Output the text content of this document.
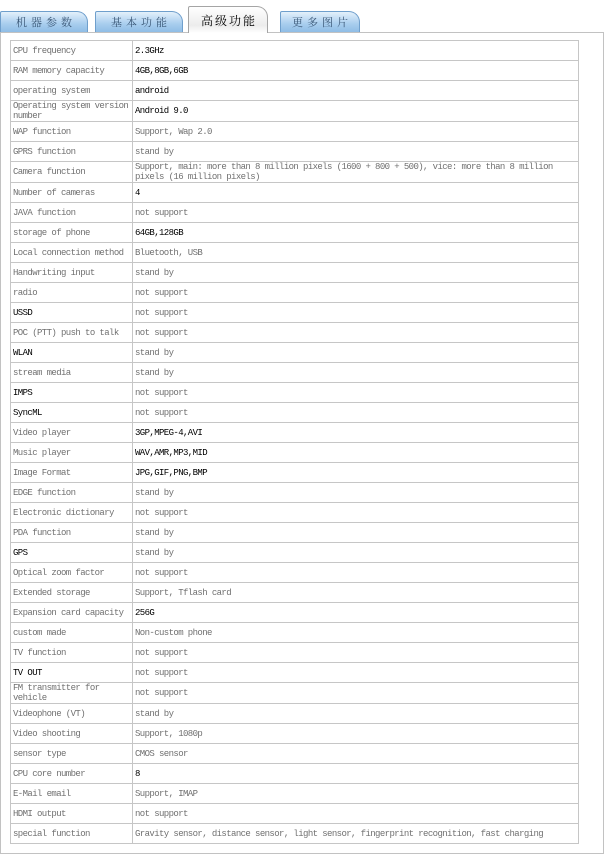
机器参数	基本功能 高级功能	更多图片
CPU frequency	2.3GHz
RAM memory capacity	4GB,8GB,6GB
operating system	android
Operating system version number	Android 9.0
WAP function	Support, Wap 2.0
GPRS function	stand by
Camera function	Support, main: more than 8 million pixels (1600 + 800 + 500), vice: more than 8 million pixels (16 million pixels)
Number of cameras	4
JAVA function	not support
storage of phone	64GB,128GB
Local connection method	Bluetooth, USB
Handwriting input	stand by
radio	not support
USSD	not support
POC (PTT) push to talk	not support
WLAN	stand by
stream media	stand by
IMPS	not support
SyncML	not support
Video player	3GP,MPEG-4,AVI
Music player	WAV,AMR,MP3,MID
Image Format	JPG,GIF,PNG,BMP
EDGE function	stand by
Electronic dictionary	not support
PDA function	stand by
GPS	stand by
Optical zoom factor	not support
Extended storage	Support, Tflash card
Expansion card capacity	256G
custom made	Non-custom phone
TV function	not support
TV OUT	not support
FM transmitter for vehicle	not support
Videophone (VT)	stand by
Video shooting	Support, 1080p
sensor type	CMOS sensor
CPU core number	8
E-Mail email	Support, IMAP
HDMI output	not support
special function	Gravity sensor, distance sensor, light sensor, fingerprint recognition, fast charging
